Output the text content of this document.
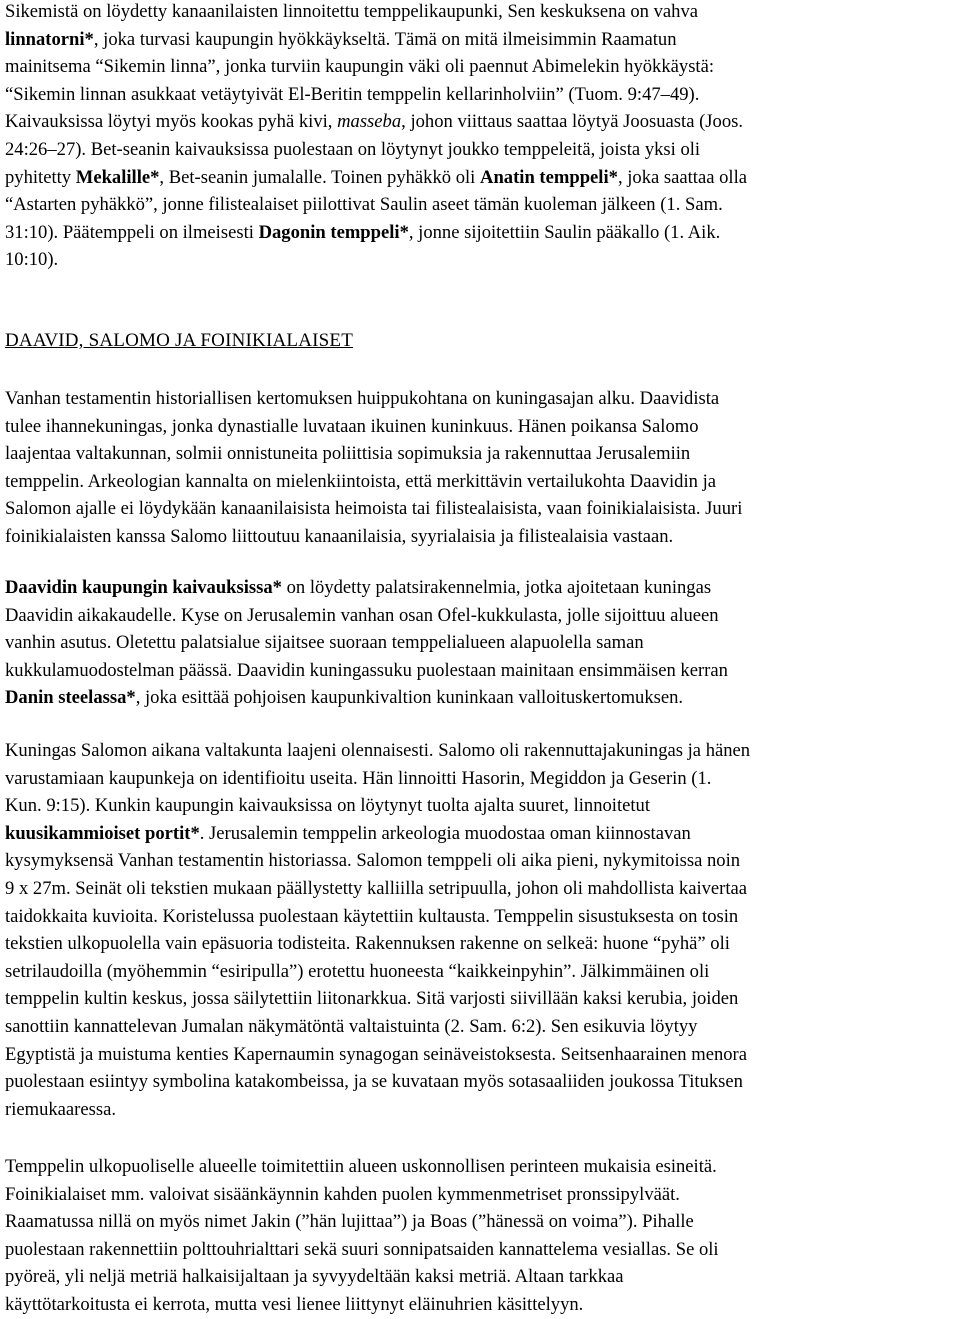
Sikemistä on löydetty kanaanilaisten linnoitettu temppelikaupunki, Sen keskuksena on vahva
linnatorni*, joka turvasi kaupungin hyökkäykseltä. Tämä on mitä ilmeisimmin Raamatun
mainitsema “Sikemin linna”, jonka turviin kaupungin väki oli paennut Abimelekin hyökkäystä:
“Sikemin linnan asukkaat vetäytyivät El-Beritin temppelin kellarinholviin” (Tuom. 9:47–49).
Kaivauksissa löytyi myös kookas pyhä kivi, masseba, johon viittaus saattaa löytyä Joosuasta (Joos.
24:26–27). Bet-seanin kaivauksissa puolestaan on löytynyt joukko temppeleitä, joista yksi oli
pyhitetty Mekalille*, Bet-seanin jumalalle. Toinen pyhäkkö oli Anatin temppeli*, joka saattaa olla
“Astarten pyhäkkö”, jonne filistealaiset piilottivat Saulin aseet tämän kuoleman jälkeen (1. Sam.
31:10). Päätemppeli on ilmeisesti Dagonin temppeli*, jonne sijoitettiin Saulin pääkallo (1. Aik.
10:10).

DAAVID, SALOMO JA FOINIKIALAISET

Vanhan testamentin historiallisen kertomuksen huippukohtana on kuningasajan alku. Daavidista
tulee ihannekuningas, jonka dynastialle luvataan ikuinen kuninkuus. Hänen poikansa Salomo
laajentaa valtakunnan, solmii onnistuneita poliittisia sopimuksia ja rakennuttaa Jerusalemiin
temppelin. Arkeologian kannalta on mielenkiintoista, että merkittävin vertailukohta Daavidin ja
Salomon ajalle ei löydykään kanaanilaisista heimoista tai filistealaisista, vaan foinikialaisista. Juuri
foinikialaisten kanssa Salomo liittoutuu kanaanilaisia, syyrialaisia ja filistealaisia vastaan.

Daavidin kaupungin kaivauksissa* on löydetty palatsirakennelmia, jotka ajoitetaan kuningas
Daavidin aikakaudelle. Kyse on Jerusalemin vanhan osan Ofel-kukkulasta, jolle sijoittuu alueen
vanhin asutus. Oletettu palatsialue sijaitsee suoraan temppelialueen alapuolella saman
kukkulamuodostelman päässä. Daavidin kuningassuku puolestaan mainitaan ensimmäisen kerran
Danin steelassa*, joka esittää pohjoisen kaupunkivaltion kuninkaan valloituskertomuksen.

Kuningas Salomon aikana valtakunta laajeni olennaisesti. Salomo oli rakennuttajakuningas ja hänen
varustamiaan kaupunkeja on identifioitu useita. Hän linnoitti Hasorin, Megiddon ja Geserin (1.
Kun. 9:15). Kunkin kaupungin kaivauksissa on löytynyt tuolta ajalta suuret, linnoitetut
kuusikammioiset portit*. Jerusalemin temppelin arkeologia muodostaa oman kiinnostavan
kysymyksensä Vanhan testamentin historiassa. Salomon temppeli oli aika pieni, nykymitoissa noin
9 x 27m. Seinät oli tekstien mukaan päällystetty kalliilla setripuulla, johon oli mahdollista kaivertaa
taidokkaita kuvioita. Koristelussa puolestaan käytettiin kultausta. Temppelin sisustuksesta on tosin
tekstien ulkopuolella vain epäsuoria todisteita. Rakennuksen rakenne on selkeä: huone “pyhä” oli
setrilaudoilla (myöhemmin “esiripulla”) erotettu huoneesta “kaikkeinpyhin”. Jälkimmäinen oli
temppelin kultin keskus, jossa säilytettiin liitonarkkua. Sitä varjosti siivillään kaksi kerubia, joiden
sanottiin kannattelevan Jumalan näkymätöntä valtaistuinta (2. Sam. 6:2). Sen esikuvia löytyy
Egyptistä ja muistuma kenties Kapernaumin synagogan seinäveistoksesta. Seitsenhaarainen menora
puolestaan esiintyy symbolina katakombeissa, ja se kuvataan myös sotasaaliiden joukossa Tituksen
riemukaaressa.

Temppelin ulkopuoliselle alueelle toimitettiin alueen uskonnollisen perinteen mukaisia esineitä.
Foinikialaiset mm. valoivat sisäänkäynnin kahden puolen kymmenmetriset pronssipylväät.
Raamatussa nillä on myös nimet Jakin (”hän lujittaa”) ja Boas (”hänessä on voima”). Pihalle
puolestaan rakennettiin polttouhrialttari sekä suuri sonnipatsaiden kannattelema vesiallas. Se oli
pyöreä, yli neljä metriä halkaisijaltaan ja syvyydeltään kaksi metriä. Altaan tarkkaa
käyttötarkoitusta ei kerrota, mutta vesi lienee liittynyt eläinuhrien käsittelyyn.
